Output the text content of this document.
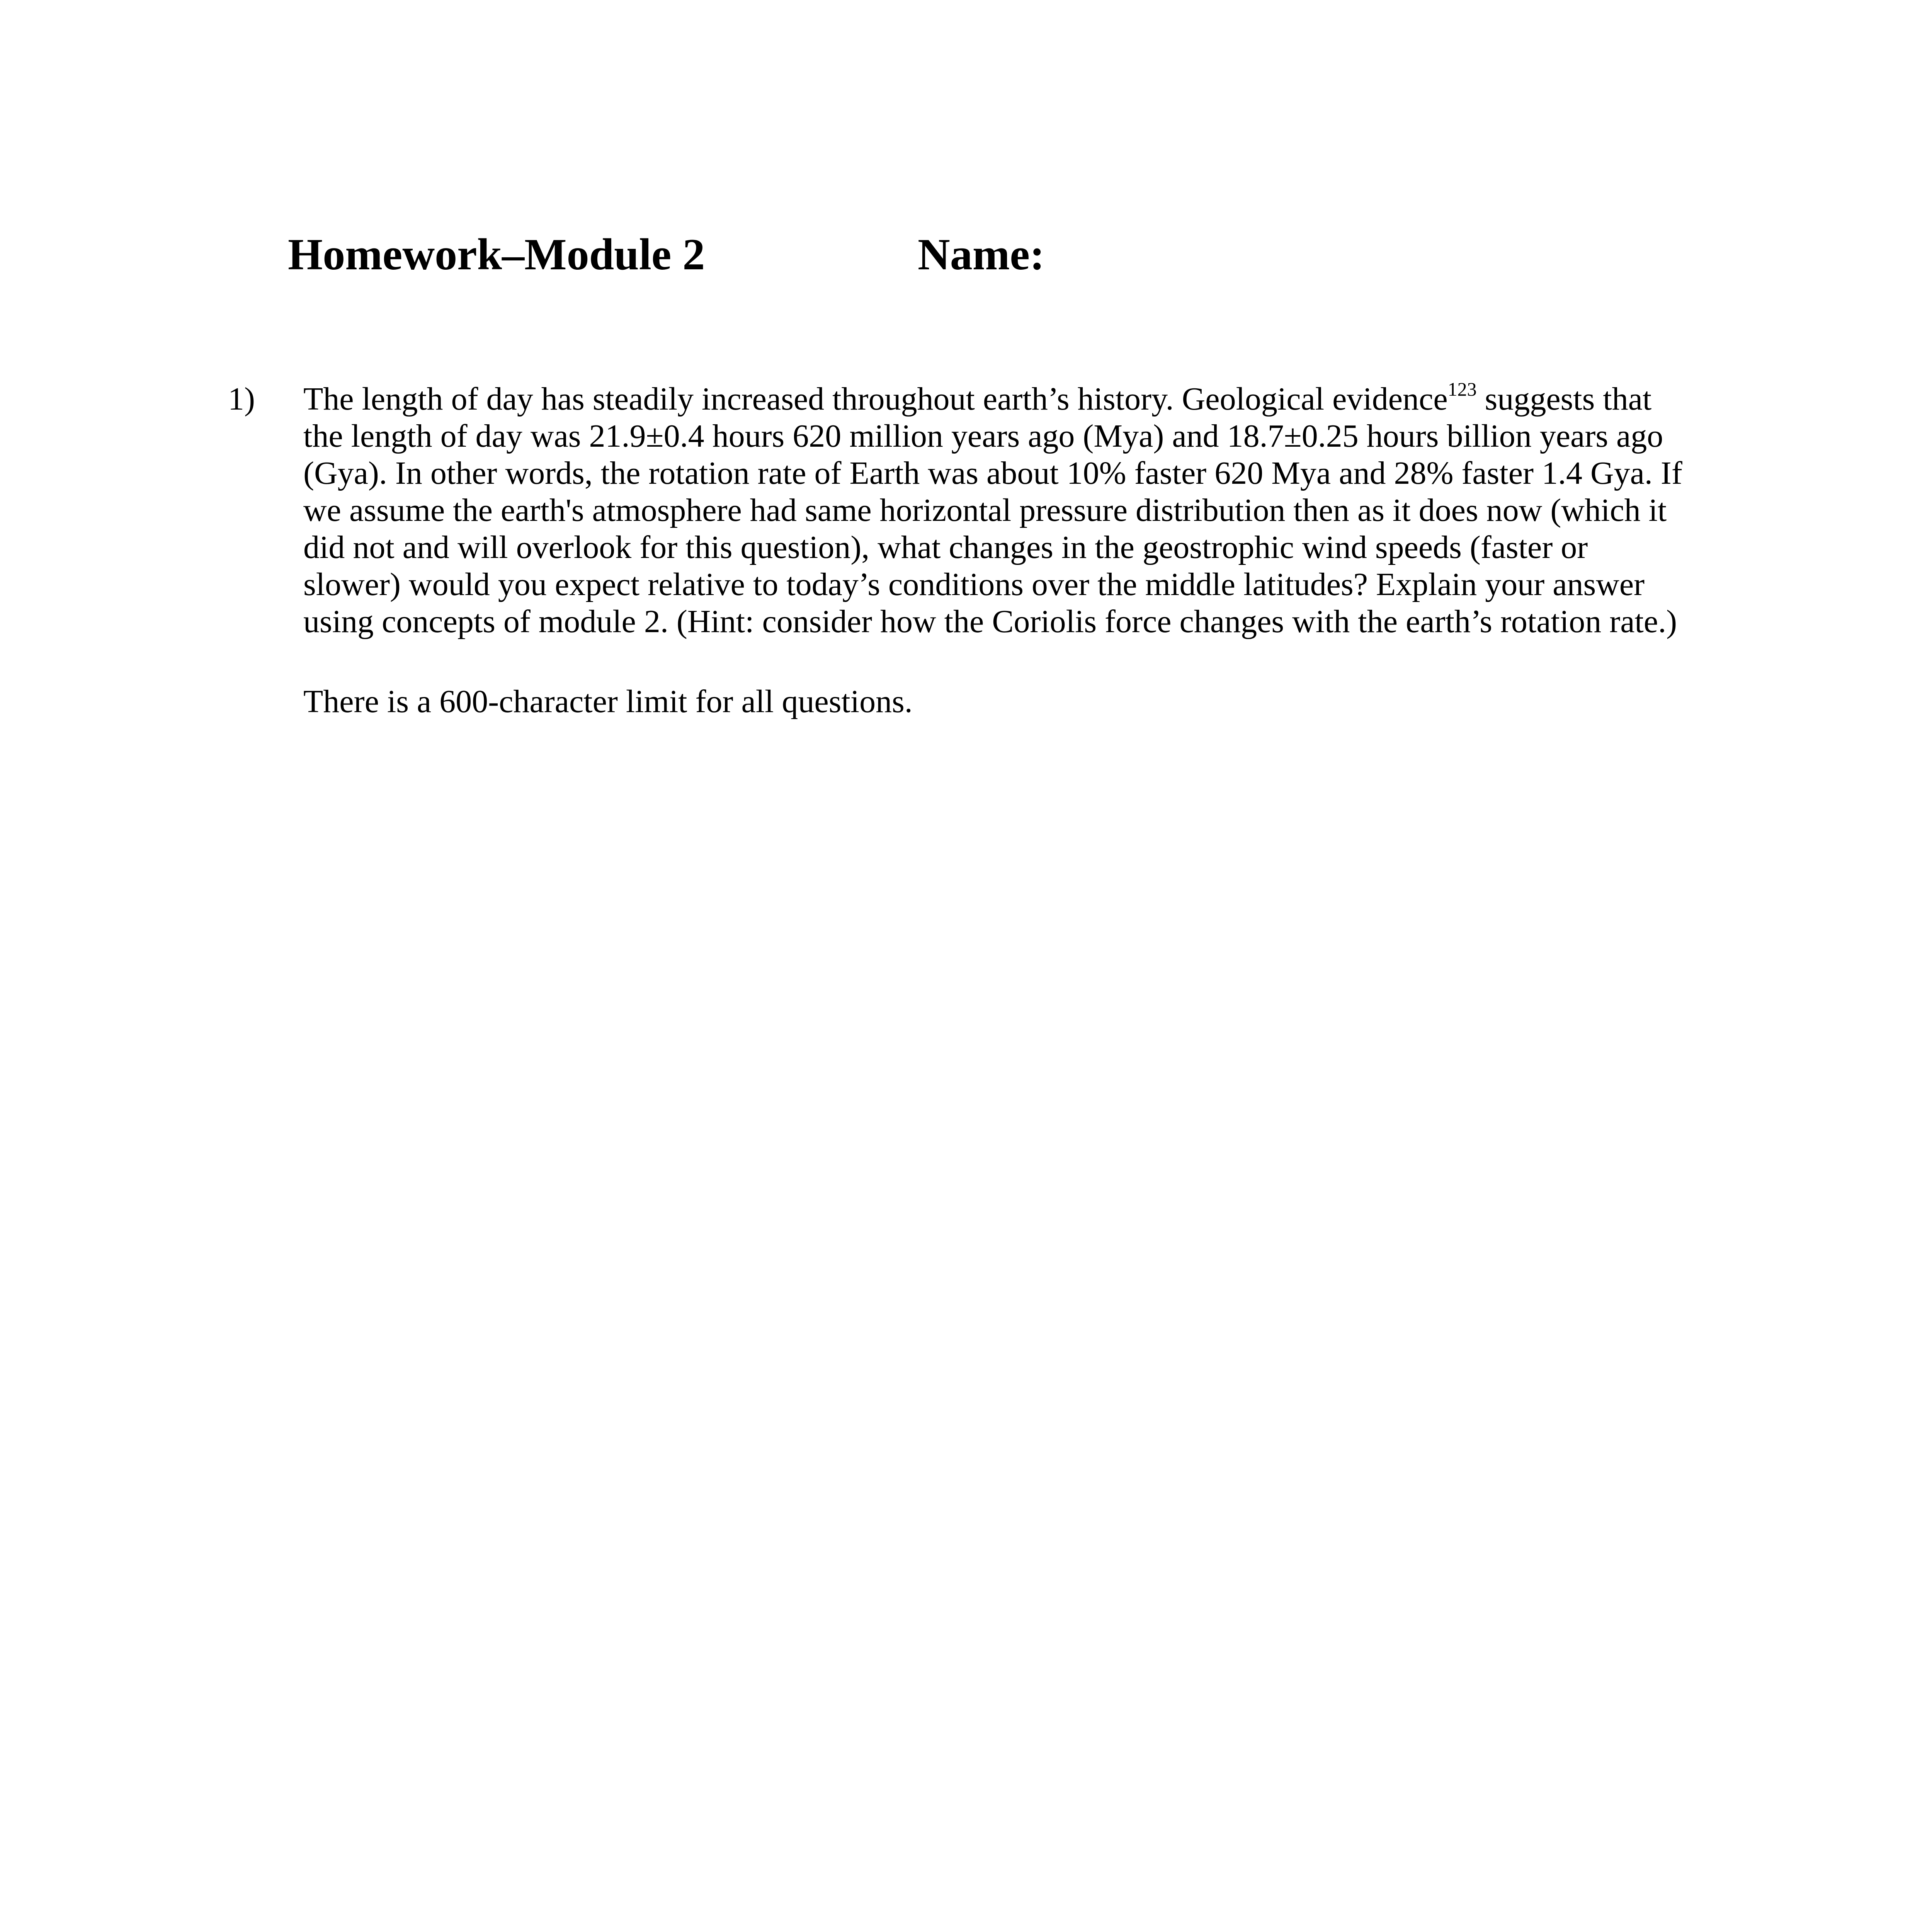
Homework–Module 2	Name:
1) The length of day has steadily increased throughout earth’s history. Geological evidence$^{123}$ suggests that
the length of day was 21.9±0.4 hours 620 million years ago (Mya) and 18.7±0.25 hours billion years ago
(Gya). In other words, the rotation rate of Earth was about 10% faster 620 Mya and 28% faster 1.4 Gya. If
we assume the earth's atmosphere had same horizontal pressure distribution then as it does now (which it
did not and will overlook for this question), what changes in the geostrophic wind speeds (faster or
slower) would you expect relative to today’s conditions over the middle latitudes? Explain your answer
using concepts of module 2. (Hint: consider how the Coriolis force changes with the earth’s rotation rate.)
There is a 600-character limit for all questions.
